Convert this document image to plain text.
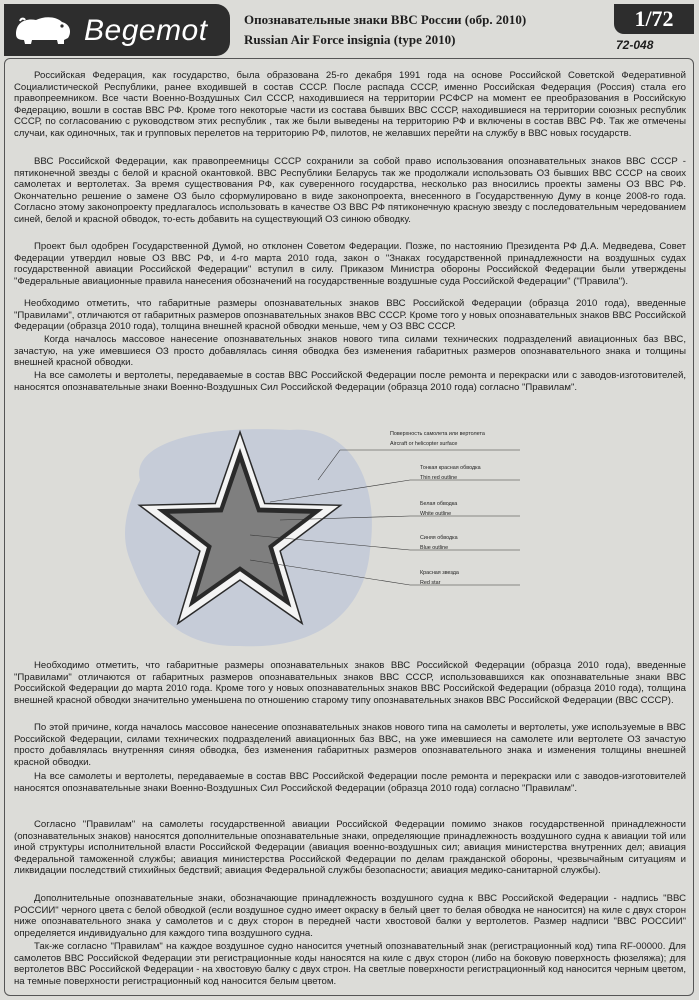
Begemot	Опознавательные знаки ВВС России (обр. 2010)
Russian Air Force insignia (type 2010)
1/72
72-048

Российская Федерация, как государство, была образована 25-го декабря 1991 года на основе Российской Советской Федеративной Социалистической Республики, ранее входившей в состав СССР. После распада СССР, именно Российская Федерация (Россия) стала его правопреемником. Все части Военно-Воздушных Сил СССР, находившиеся на территории РСФСР на момент ее преобразования в Российскую Федерацию, вошли в состав ВВС РФ. Кроме того некоторые части из состава бывших ВВС СССР, находившиеся на территории союзных республик СССР, по согласованию с руководством этих республик , так же были выведены на территорию РФ и включены в состав ВВС РФ. Так же отмечены случаи, как одиночных, так и групповых перелетов на территорию РФ, пилотов, не желавших перейти на службу в ВВС новых государств.

ВВС Российской Федерации, как правопреемницы СССР сохранили за собой право использования опознавательных знаков ВВС СССР - пятиконечной звезды с белой и красной окантовкой. ВВС Республики Беларусь так же продолжали использовать ОЗ бывших ВВС СССР на своих самолетах и вертолетах. За время существования РФ, как суверенного государства, несколько раз вносились проекты замены ОЗ ВВС РФ. Окончательно решение о замене ОЗ было сформулировано в виде законопроекта, внесенного в Государственную Думу в конце 2008-го года. Согласно этому законопроекту предлагалось использовать в качестве ОЗ ВВС РФ пятиконечную красную звезду с последовательным чередованием синей, белой и красной обводок, то-есть добавить на существующий ОЗ синюю обводку.

Проект был одобрен Государственной Думой, но отклонен Советом Федерации. Позже, по настоянию Президента РФ Д.А. Медведева, Совет Федерации утвердил новые ОЗ ВВС РФ, и 4-го марта 2010 года, закон о "Знаках государственной принадлежности на воздушных судах государственной авиации Российской Федерации" вступил в силу. Приказом Министра обороны Российской Федерации были утверждены "Федеральные авиационные правила нанесения обозначений на государственные воздушные суда Российской Федерации" ("Правила").

Необходимо отметить, что габаритные размеры опознавательных знаков ВВС Российской Федерации (образца 2010 года), введенные "Правилами", отличаются от габаритных размеров опознавательных знаков ВВС СССР. Кроме того у новых опознавательных знаков ВВС Российской Федерации (образца 2010 года), толщина внешней красной обводки меньше, чем у ОЗ ВВС СССР.

Когда началось массовое нанесение опознавательных знаков нового типа силами технических подразделений авиационных баз ВВС, зачастую, на уже имевшиеся ОЗ просто добавлялась синяя обводка без изменения габаритных размеров опознавательного знака и толщины внешней красной обводки.

На все самолеты и вертолеты, передаваемые в состав ВВС Российской Федерации после ремонта и перекраски или с заводов-изготовителей, наносятся опознавательные знаки Военно-Воздушных Сил Российской Федерации (образца 2010 года) согласно "Правилам".

Поверхность самолета или вертолета
Aircraft or helicopter surface
Тонкая красная обводка
Thin red outline
Белая обводка
White outline
Синяя обводка
Blue outline
Красная звезда
Red star

Необходимо отметить, что габаритные размеры опознавательных знаков ВВС Российской Федерации (образца 2010 года), введенные "Правилами" отличаются от габаритных размеров опознавательных знаков ВВС СССР, использовавшихся как опознавательные знаки ВВС Российской Федерации до марта 2010 года. Кроме того у новых опознавательных знаков ВВС Российской Федерации (образца 2010 года), толщина внешней красной обводки значительно уменьшена по отношению старому типу опознавательных знаков ВВС Российской Федерации (ВВС СССР).

По этой причине, когда началось массовое нанесение опознавательных знаков нового типа на самолеты и вертолеты, уже используемые в ВВС Российской Федерации, силами технических подразделений авиационных баз ВВС, на уже имевшиеся на самолете или вертолете ОЗ зачастую просто добавлялась внутренняя синяя обводка, без изменения габаритных размеров опознавательного знака и изменения толщины внешней красной обводки.

На все самолеты и вертолеты, передаваемые в состав ВВС Российской Федерации после ремонта и перекраски или с заводов-изготовителей наносятся опознавательные знаки Военно-Воздушных Сил Российской Федерации (образца 2010 года) согласно "Правилам".

Согласно "Правилам" на самолеты государственной авиации Российской Федерации помимо знаков государственной принадлежности (опознавательных знаков) наносятся дополнительные опознавательные знаки, определяющие принадлежность воздушного судна к авиации той или иной структуры исполнительной власти Российской Федерации (авиация военно-воздушных сил; авиация министерства внутренних дел; авиация Федеральной таможенной службы; авиация министерства Российской Федерации по делам гражданской обороны, чрезвычайным ситуациям и ликвидации последствий стихийных бедствий; авиация Федеральной службы безопасности; авиация медико-санитарной службы).

Дополнительные опознавательные знаки, обозначающие принадлежность воздушного судна к ВВС Российской Федерации - надпись "ВВС РОССИИ" черного цвета с белой обводкой (если воздушное судно имеет окраску в белый цвет то белая обводка не наносится) на киле с двух сторон ниже опознавательного знака у самолетов и с двух сторон в передней части хвостовой балки у вертолетов. Размер надписи "ВВС РОССИИ" определяется индивидуально для каждого типа воздушного судна.

Так-же согласно "Правилам" на каждое воздушное судно наносится учетный опознавательный знак (регистрационный код) типа RF-00000. Для самолетов ВВС Российской Федерации эти регистрационные коды наносятся на киле с двух сторон (либо на боковую поверхность фюзеляжа); для вертолетов ВВС Российской Федерации - на хвостовую балку с двух строн. На светлые поверхности регистрационный код наносится черным цветом, на темные поверхности регистрационный код наносится белым цветом.
